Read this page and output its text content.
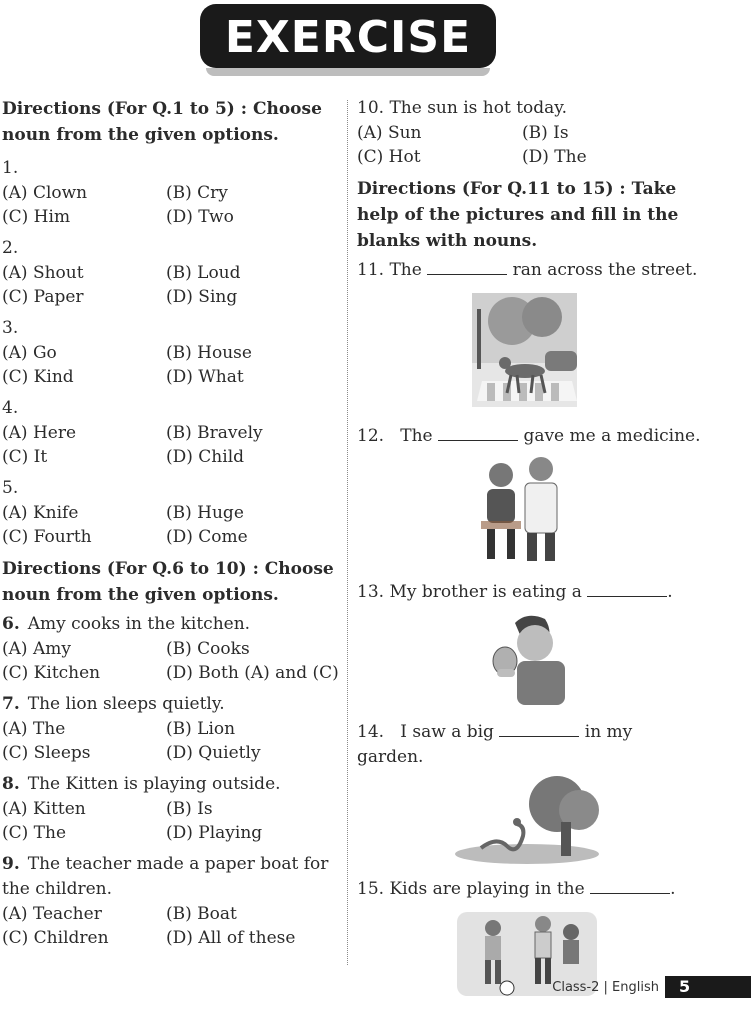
EXERCISE

Directions (For Q.1 to 5) : Choose noun from the given options.

1.
(A) Clown	(B) Cry
(C) Him	(D) Two
2.
(A) Shout	(B) Loud
(C) Paper	(D) Sing
3.
(A) Go	(B) House
(C) Kind	(D) What
4.
(A) Here	(B) Bravely
(C) It	(D) Child
5.
(A) Knife	(B) Huge
(C) Fourth	(D) Come

Directions (For Q.6 to 10) : Choose noun from the given options.

6. Amy cooks in the kitchen.
(A) Amy	(B) Cooks
(C) Kitchen	(D) Both (A) and (C)
7. The lion sleeps quietly.
(A) The	(B) Lion
(C) Sleeps	(D) Quietly
8. The Kitten is playing outside.
(A) Kitten	(B) Is
(C) The	(D) Playing
9. The teacher made a paper boat for the children.
(A) Teacher	(B) Boat
(C) Children	(D) All of these
10. The sun is hot today.
(A) Sun	(B) Is
(C) Hot	(D) The

Directions (For Q.11 to 15) : Take help of the pictures and fill in the blanks with nouns.

11. The	ran across the street.
12. The	gave me a medicine.
13. My brother is eating a	.
14. I saw a big	in my garden.
15. Kids are playing in the	.
Class-2 | English	5
